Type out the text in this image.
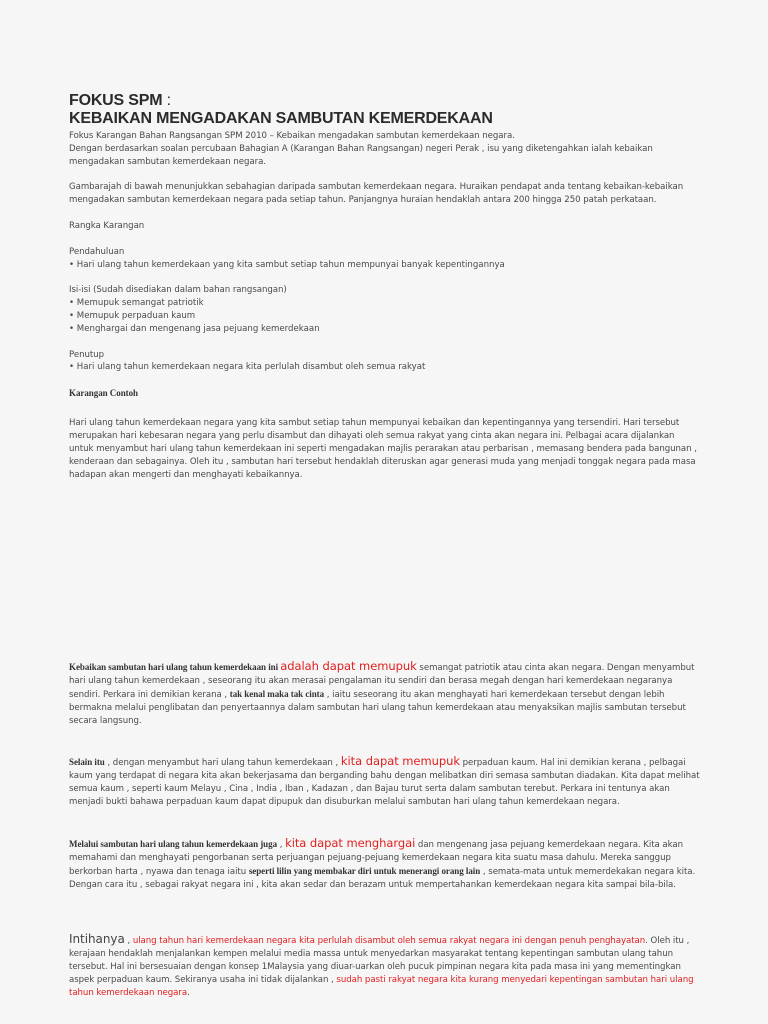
FOKUS SPM :
KEBAIKAN MENGADAKAN SAMBUTAN KEMERDEKAAN

Fokus Karangan Bahan Rangsangan SPM 2010 – Kebaikan mengadakan sambutan kemerdekaan negara.

Dengan berdasarkan soalan percubaan Bahagian A (Karangan Bahan Rangsangan) negeri Perak , isu yang diketengahkan ialah kebaikan mengadakan sambutan kemerdekaan negara.

Gambarajah di bawah menunjukkan sebahagian daripada sambutan kemerdekaan negara. Huraikan pendapat anda tentang kebaikan-kebaikan mengadakan sambutan kemerdekaan negara pada setiap tahun. Panjangnya huraian hendaklah antara 200 hingga 250 patah perkataan.

Rangka Karangan

Pendahuluan

• Hari ulang tahun kemerdekaan yang kita sambut setiap tahun mempunyai banyak kepentingannya

Isi-isi (Sudah disediakan dalam bahan rangsangan)

• Memupuk semangat patriotik
• Memupuk perpaduan kaum
• Menghargai dan mengenang jasa pejuang kemerdekaan

Penutup

• Hari ulang tahun kemerdekaan negara kita perlulah disambut oleh semua rakyat

Karangan Contoh

Hari ulang tahun kemerdekaan negara yang kita sambut setiap tahun mempunyai kebaikan dan kepentingannya yang tersendiri. Hari tersebut merupakan hari kebesaran negara yang perlu disambut dan dihayati oleh semua rakyat yang cinta akan negara ini. Pelbagai acara dijalankan untuk menyambut hari ulang tahun kemerdekaan ini seperti mengadakan majlis perarakan atau perbarisan , memasang bendera pada bangunan , kenderaan dan sebagainya. Oleh itu , sambutan hari tersebut hendaklah diteruskan agar generasi muda yang menjadi tonggak negara pada masa hadapan akan mengerti dan menghayati kebaikannya.

Kebaikan sambutan hari ulang tahun kemerdekaan ini adalah dapat memupuk semangat patriotik atau cinta akan negara. Dengan menyambut hari ulang tahun kemerdekaan , seseorang itu akan merasai pengalaman itu sendiri dan berasa megah dengan hari kemerdekaan negaranya sendiri. Perkara ini demikian kerana , tak kenal maka tak cinta , iaitu seseorang itu akan menghayati hari kemerdekaan tersebut dengan lebih bermakna melalui penglibatan dan penyertaannya dalam sambutan hari ulang tahun kemerdekaan atau menyaksikan majlis sambutan tersebut secara langsung.

Selain itu , dengan menyambut hari ulang tahun kemerdekaan , kita dapat memupuk perpaduan kaum. Hal ini demikian kerana , pelbagai kaum yang terdapat di negara kita akan bekerjasama dan berganding bahu dengan melibatkan diri semasa sambutan diadakan. Kita dapat melihat semua kaum , seperti kaum Melayu , Cina , India , Iban , Kadazan , dan Bajau turut serta dalam sambutan terebut. Perkara ini tentunya akan menjadi bukti bahawa perpaduan kaum dapat dipupuk dan disuburkan melalui sambutan hari ulang tahun kemerdekaan negara.

Melalui sambutan hari ulang tahun kemerdekaan juga , kita dapat menghargai dan mengenang jasa pejuang kemerdekaan negara. Kita akan memahami dan menghayati pengorbanan serta perjuangan pejuang-pejuang kemerdekaan negara kita suatu masa dahulu. Mereka sanggup berkorban harta , nyawa dan tenaga iaitu seperti lilin yang membakar diri untuk menerangi orang lain , semata-mata untuk memerdekakan negara kita. Dengan cara itu , sebagai rakyat negara ini , kita akan sedar dan berazam untuk mempertahankan kemerdekaan negara kita sampai bila-bila.

Intihanya , ulang tahun hari kemerdekaan negara kita perlulah disambut oleh semua rakyat negara ini dengan penuh penghayatan. Oleh itu , kerajaan hendaklah menjalankan kempen melalui media massa untuk menyedarkan masyarakat tentang kepentingan sambutan ulang tahun tersebut. Hal ini bersesuaian dengan konsep 1Malaysia yang diuar-uarkan oleh pucuk pimpinan negara kita pada masa ini yang mementingkan aspek perpaduan kaum. Sekiranya usaha ini tidak dijalankan , sudah pasti rakyat negara kita kurang menyedari kepentingan sambutan hari ulang tahun kemerdekaan negara.
